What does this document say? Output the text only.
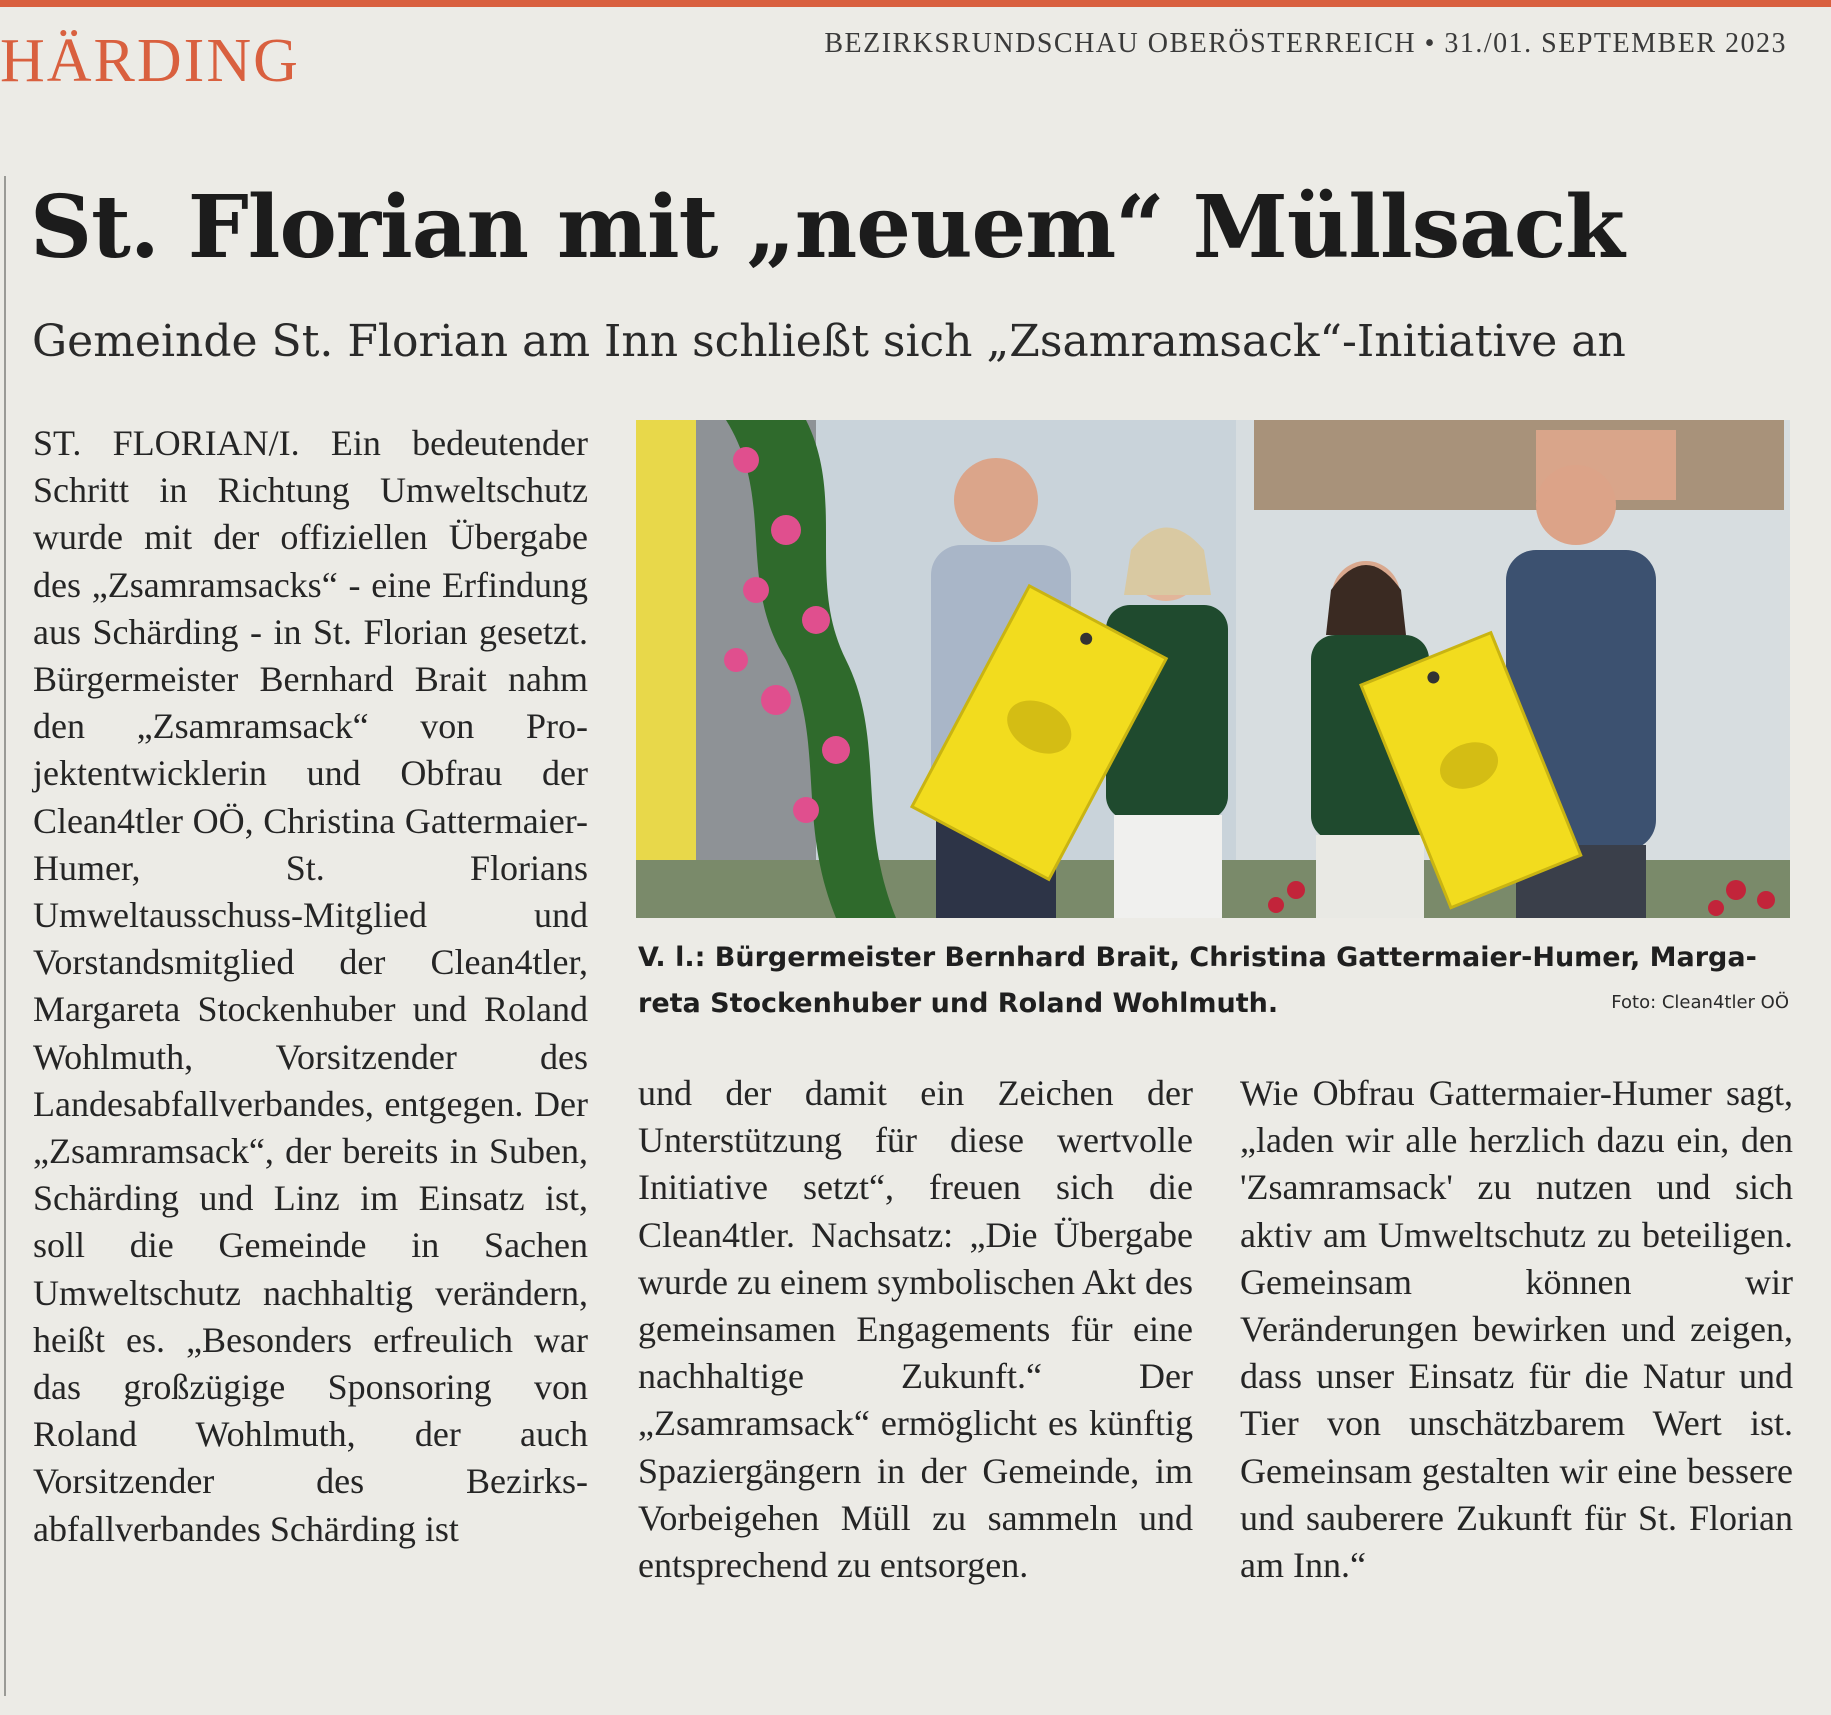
HÄRDING	BEZIRKSRUNDSCHAU OBERÖSTERREICH • 31./01. SEPTEMBER 2023
St. Florian mit „neuem“ Müllsack
Gemeinde St. Florian am Inn schließt sich „Zsamramsack“-Initiative an
ST. FLORIAN/I. Ein bedeutender Schritt in Richtung Umweltschutz wurde mit der offiziellen Übergabe des „Zsamramsacks“ - eine Erfindung aus Schärding - in St. Florian gesetzt. Bürgermeister Bernhard Brait nahm den „Zsamramsack“ von Projektentwicklerin und Obfrau der Clean4tler OÖ, Christina Gattermaier-Humer, St. Florians Umweltausschuss-Mitglied und Vorstandsmitglied der Clean4tler, Margareta Stockenhuber und Roland Wohlmuth, Vorsitzender des Landesabfallverbandes, entgegen. Der „Zsamramsack“, der bereits in Suben, Schärding und Linz im Einsatz ist, soll die Gemeinde in Sachen Umweltschutz nachhaltig verändern, heißt es. „Besonders erfreulich war das großzügige Sponsoring von Roland Wohlmuth, der auch Vorsitzender des Bezirksabfallverbandes Schärding ist
V. l.: Bürgermeister Bernhard Brait, Christina Gattermaier-Humer, Margareta Stockenhuber und Roland Wohlmuth.	Foto: Clean4tler OÖ
und der damit ein Zeichen der Unterstützung für diese wertvolle Initiative setzt“, freuen sich die Clean4tler. Nachsatz: „Die Übergabe wurde zu einem symbolischen Akt des gemeinsamen Engagements für eine nachhaltige Zukunft.“ Der „Zsamramsack“ ermöglicht es künftig Spaziergängern in der Gemeinde, im Vorbeigehen Müll zu sammeln und entsprechend zu entsorgen.
Wie Obfrau Gattermaier-Humer sagt, „laden wir alle herzlich dazu ein, den 'Zsamramsack' zu nutzen und sich aktiv am Umweltschutz zu beteiligen. Gemeinsam können wir Veränderungen bewirken und zeigen, dass unser Einsatz für die Natur und Tier von unschätzbarem Wert ist. Gemeinsam gestalten wir eine bessere und sauberere Zukunft für St. Florian am Inn.“
